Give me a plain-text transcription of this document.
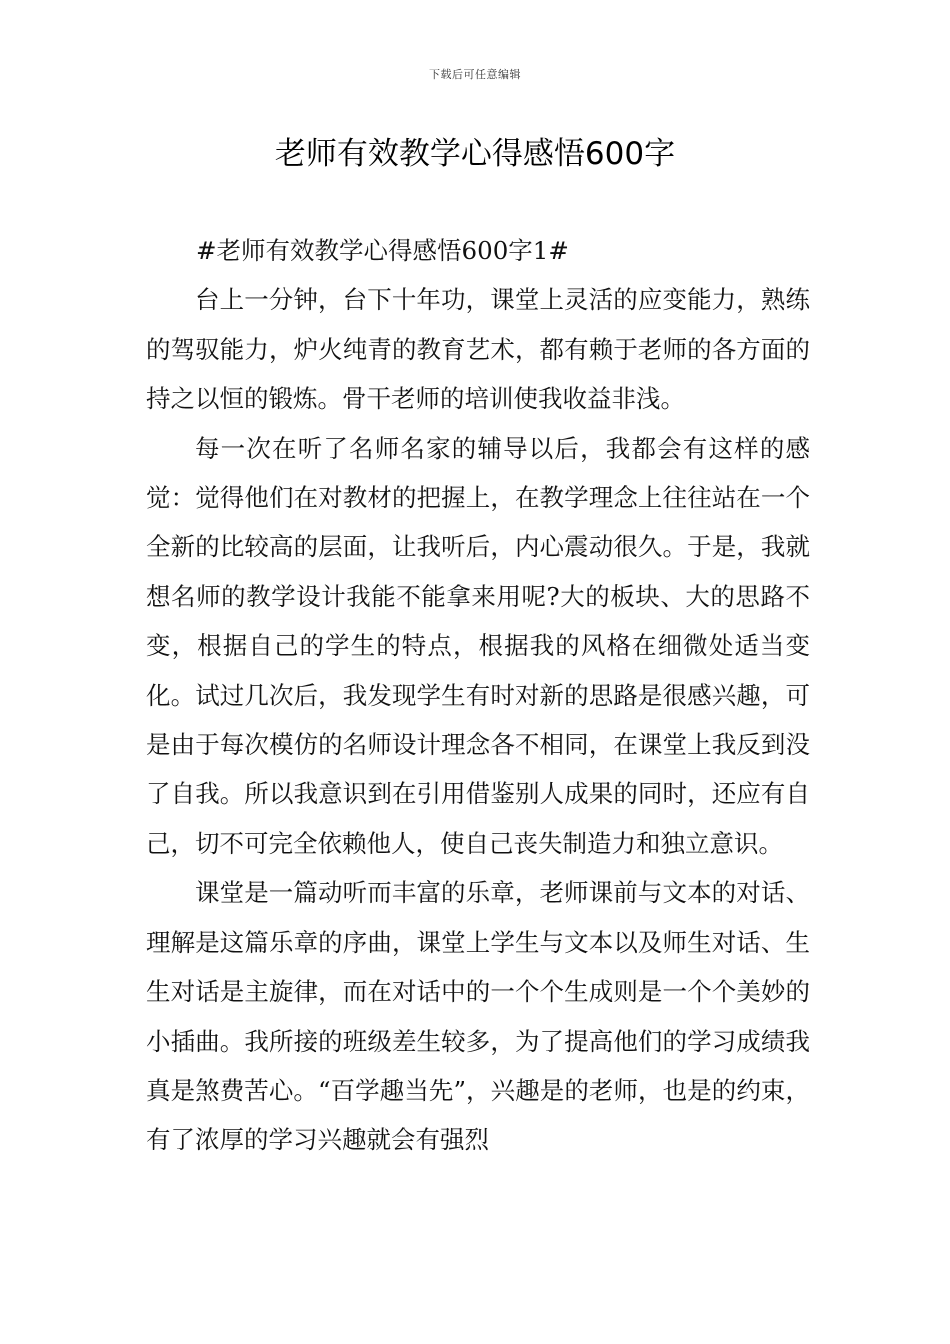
下载后可任意编辑
老师有效教学心得感悟600字

#老师有效教学心得感悟600字1#

台上一分钟，台下十年功，课堂上灵活的应变能力，熟练的驾驭能力，炉火纯青的教育艺术，都有赖于老师的各方面的持之以恒的锻炼。骨干老师的培训使我收益非浅。

每一次在听了名师名家的辅导以后，我都会有这样的感觉：觉得他们在对教材的把握上，在教学理念上往往站在一个全新的比较高的层面，让我听后，内心震动很久。于是，我就想名师的教学设计我能不能拿来用呢?大的板块、大的思路不变，根据自己的学生的特点，根据我的风格在细微处适当变化。试过几次后，我发现学生有时对新的思路是很感兴趣，可是由于每次模仿的名师设计理念各不相同，在课堂上我反到没了自我。所以我意识到在引用借鉴别人成果的同时，还应有自己，切不可完全依赖他人，使自己丧失制造力和独立意识。

课堂是一篇动听而丰富的乐章，老师课前与文本的对话、理解是这篇乐章的序曲，课堂上学生与文本以及师生对话、生生对话是主旋律，而在对话中的一个个生成则是一个个美妙的小插曲。我所接的班级差生较多，为了提高他们的学习成绩我真是煞费苦心。“百学趣当先”，兴趣是的老师，也是的约束，有了浓厚的学习兴趣就会有强烈
